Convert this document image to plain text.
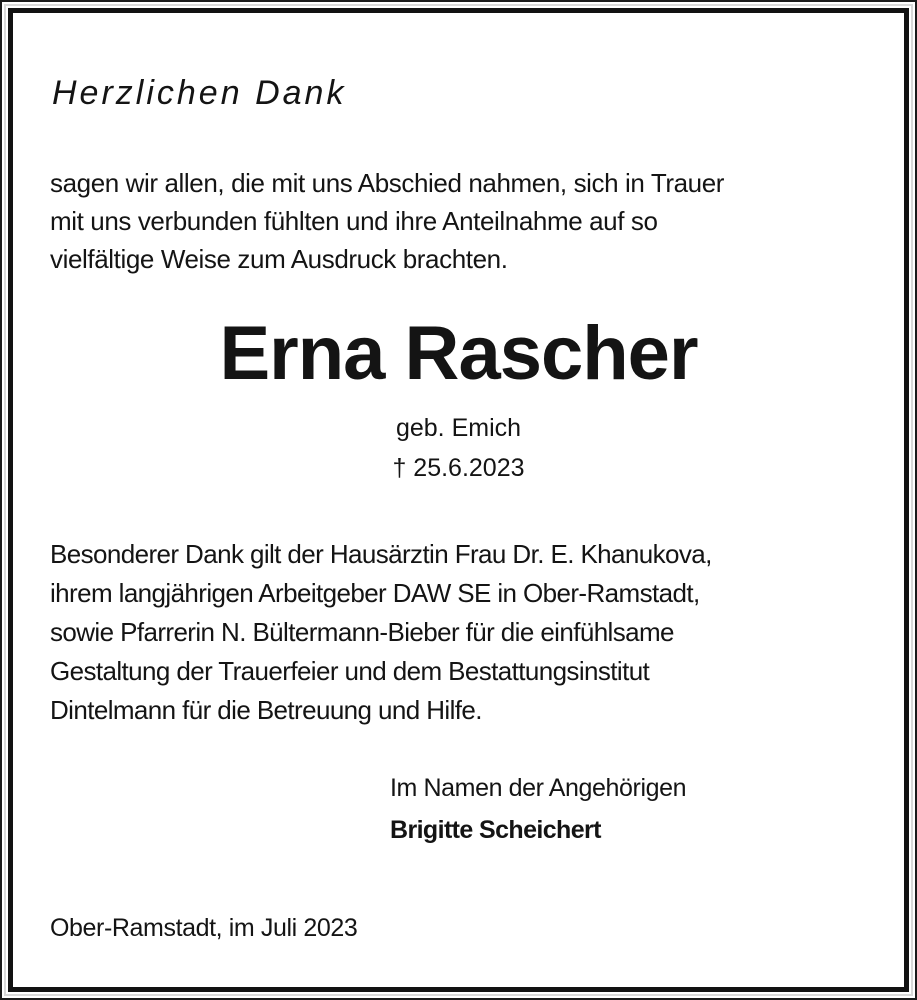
Herzlichen Dank
sagen wir allen, die mit uns Abschied nahmen, sich in Trauer
mit uns verbunden fühlten und ihre Anteilnahme auf so
vielfältige Weise zum Ausdruck brachten.
Erna Rascher
geb. Emich
† 25.6.2023
Besonderer Dank gilt der Hausärztin Frau Dr. E. Khanukova,
ihrem langjährigen Arbeitgeber DAW SE in Ober-Ramstadt,
sowie Pfarrerin N. Bültermann-Bieber für die einfühlsame
Gestaltung der Trauerfeier und dem Bestattungsinstitut
Dintelmann für die Betreuung und Hilfe.
Im Namen der Angehörigen
Brigitte Scheichert
Ober-Ramstadt, im Juli 2023
